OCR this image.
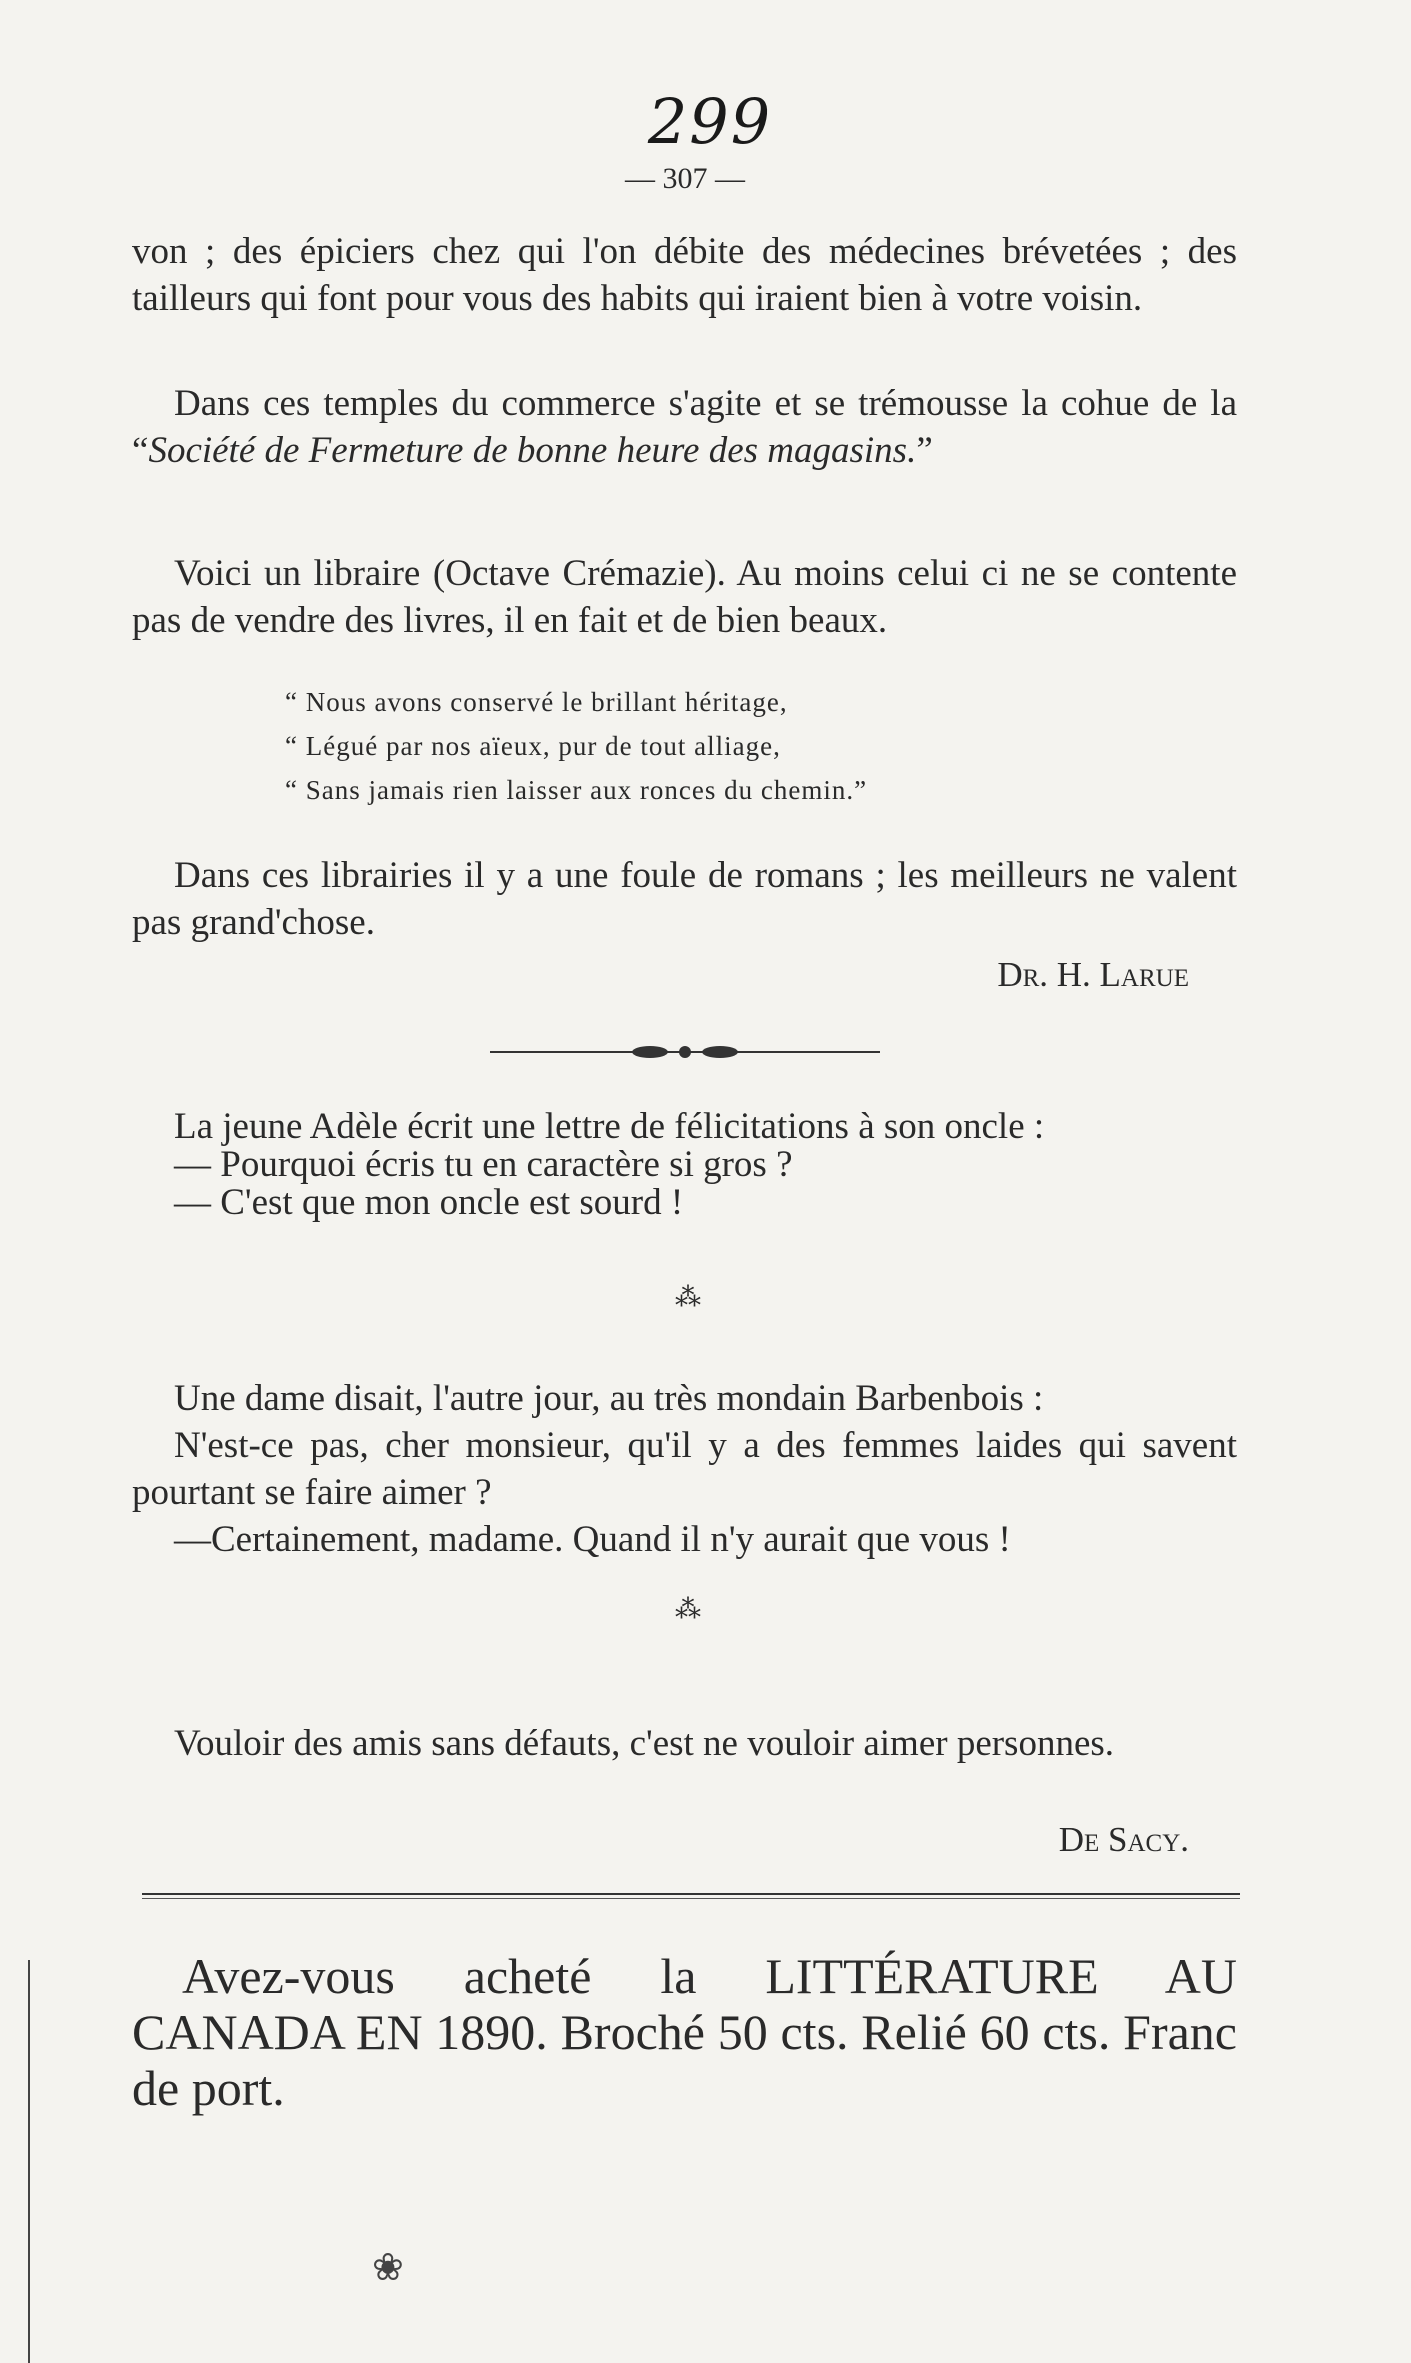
299
— 307 —
von ; des épiciers chez qui l'on débite des médecines brévetées ; des tailleurs qui font pour vous des habits qui iraient bien à votre voisin.
Dans ces temples du commerce s'agite et se trémousse la cohue de la “Société de Fermeture de bonne heure des magasins.”
Voici un libraire (Octave Crémazie). Au moins celui ci ne se contente pas de vendre des livres, il en fait et de bien beaux.
“ Nous avons conservé le brillant héritage,
“ Légué par nos aïeux, pur de tout alliage,
“ Sans jamais rien laisser aux ronces du chemin.”
Dans ces librairies il y a une foule de romans ; les meilleurs ne valent pas grand'chose.
Dr. H. Larue
La jeune Adèle écrit une lettre de félicitations à son oncle :
— Pourquoi écris tu en caractère si gros ?
— C'est que mon oncle est sourd !
⁂
Une dame disait, l'autre jour, au très mondain Barbenbois :
N'est-ce pas, cher monsieur, qu'il y a des femmes laides qui savent pourtant se faire aimer ?
—Certainement, madame. Quand il n'y aurait que vous !
⁂
Vouloir des amis sans défauts, c'est ne vouloir aimer personnes.
De Sacy.
Avez-vous acheté la LITTÉRATURE AU CANADA EN 1890. Broché 50 cts. Relié 60 cts. Franc de port.
❀
